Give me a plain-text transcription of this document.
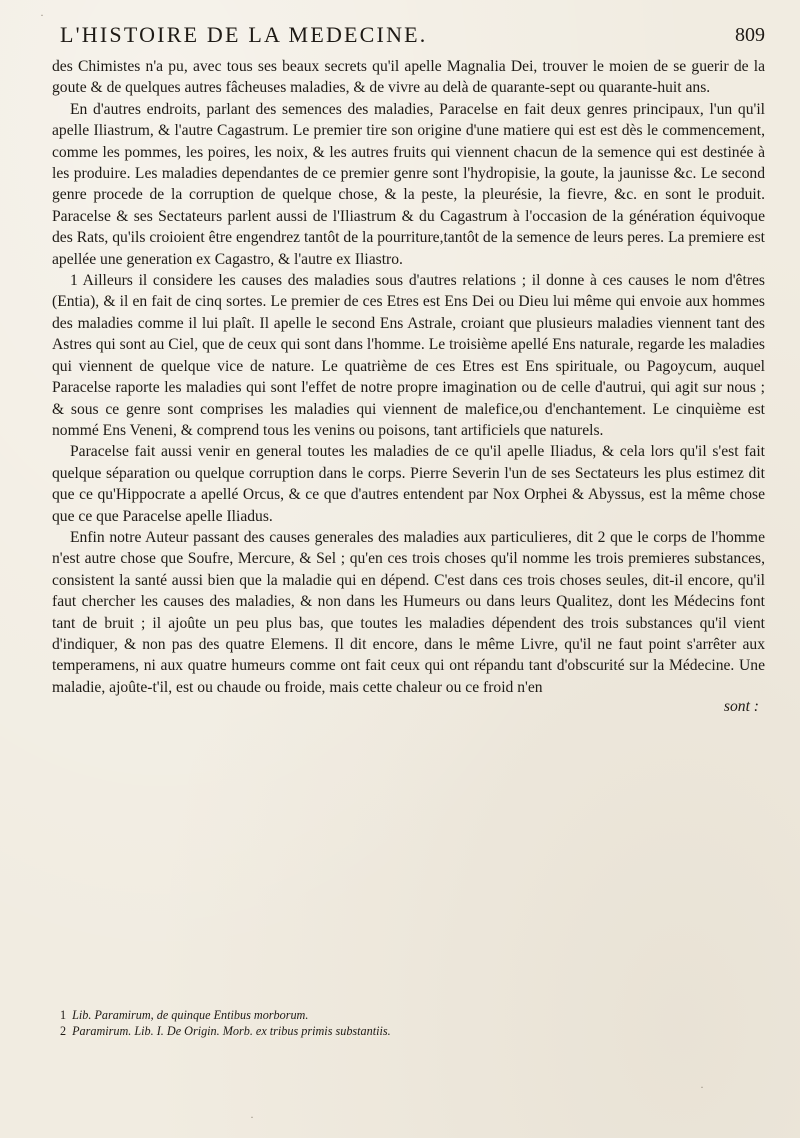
L'HISTOIRE DE LA MEDECINE.	809

des Chimistes n'a pu, avec tous ses beaux secrets qu'il apelle Magnalia Dei, trouver le moien de se guerir de la goute & de quelques autres fâcheuses maladies, & de vivre au delà de quarante-sept ou quarante-huit ans.

En d'autres endroits, parlant des semences des maladies, Paracelse en fait deux genres principaux, l'un qu'il apelle Iliastrum, & l'autre Cagastrum. Le premier tire son origine d'une matiere qui est est dès le commencement, comme les pommes, les poires, les noix, & les autres fruits qui viennent chacun de la semence qui est destinée à les produire. Les maladies dependantes de ce premier genre sont l'hydropisie, la goute, la jaunisse &c. Le second genre procede de la corruption de quelque chose, & la peste, la pleurésie, la fievre, &c. en sont le produit. Paracelse & ses Sectateurs parlent aussi de l'Iliastrum & du Cagastrum à l'occasion de la génération équivoque des Rats, qu'ils croioient être engendrez tantôt de la pourriture,tantôt de la semence de leurs peres. La premiere est apellée une generation ex Cagastro, & l'autre ex Iliastro.

1 Ailleurs il considere les causes des maladies sous d'autres relations ; il donne à ces causes le nom d'êtres (Entia), & il en fait de cinq sortes. Le premier de ces Etres est Ens Dei ou Dieu lui même qui envoie aux hommes des maladies comme il lui plaît. Il apelle le second Ens Astrale, croiant que plusieurs maladies viennent tant des Astres qui sont au Ciel, que de ceux qui sont dans l'homme. Le troisième apellé Ens naturale, regarde les maladies qui viennent de quelque vice de nature. Le quatrième de ces Etres est Ens spirituale, ou Pagoycum, auquel Paracelse raporte les maladies qui sont l'effet de notre propre imagination ou de celle d'autrui, qui agit sur nous ; & sous ce genre sont comprises les maladies qui viennent de malefice,ou d'enchantement. Le cinquième est nommé Ens Veneni, & comprend tous les venins ou poisons, tant artificiels que naturels.

Paracelse fait aussi venir en general toutes les maladies de ce qu'il apelle Iliadus, & cela lors qu'il s'est fait quelque séparation ou quelque corruption dans le corps. Pierre Severin l'un de ses Sectateurs les plus estimez dit que ce qu'Hippocrate a apellé Orcus, & ce que d'autres entendent par Nox Orphei & Abyssus, est la même chose que ce que Paracelse apelle Iliadus.

Enfin notre Auteur passant des causes generales des maladies aux particulieres, dit 2 que le corps de l'homme n'est autre chose que Soufre, Mercure, & Sel ; qu'en ces trois choses qu'il nomme les trois premieres substances, consistent la santé aussi bien que la maladie qui en dépend. C'est dans ces trois choses seules, dit-il encore, qu'il faut chercher les causes des maladies, & non dans les Humeurs ou dans leurs Qualitez, dont les Médecins font tant de bruit ; il ajoûte un peu plus bas, que toutes les maladies dépendent des trois substances qu'il vient d'indiquer, & non pas des quatre Elemens. Il dit encore, dans le même Livre, qu'il ne faut point s'arrêter aux temperamens, ni aux quatre humeurs comme ont fait ceux qui ont répandu tant d'obscurité sur la Médecine. Une maladie, ajoûte-t'il, est ou chaude ou froide, mais cette chaleur ou ce froid n'en

sont :
1 Lib. Paramirum, de quinque Entibus morborum.
2 Paramirum. Lib. I. De Origin. Morb. ex tribus primis substantiis.
·
·
·
